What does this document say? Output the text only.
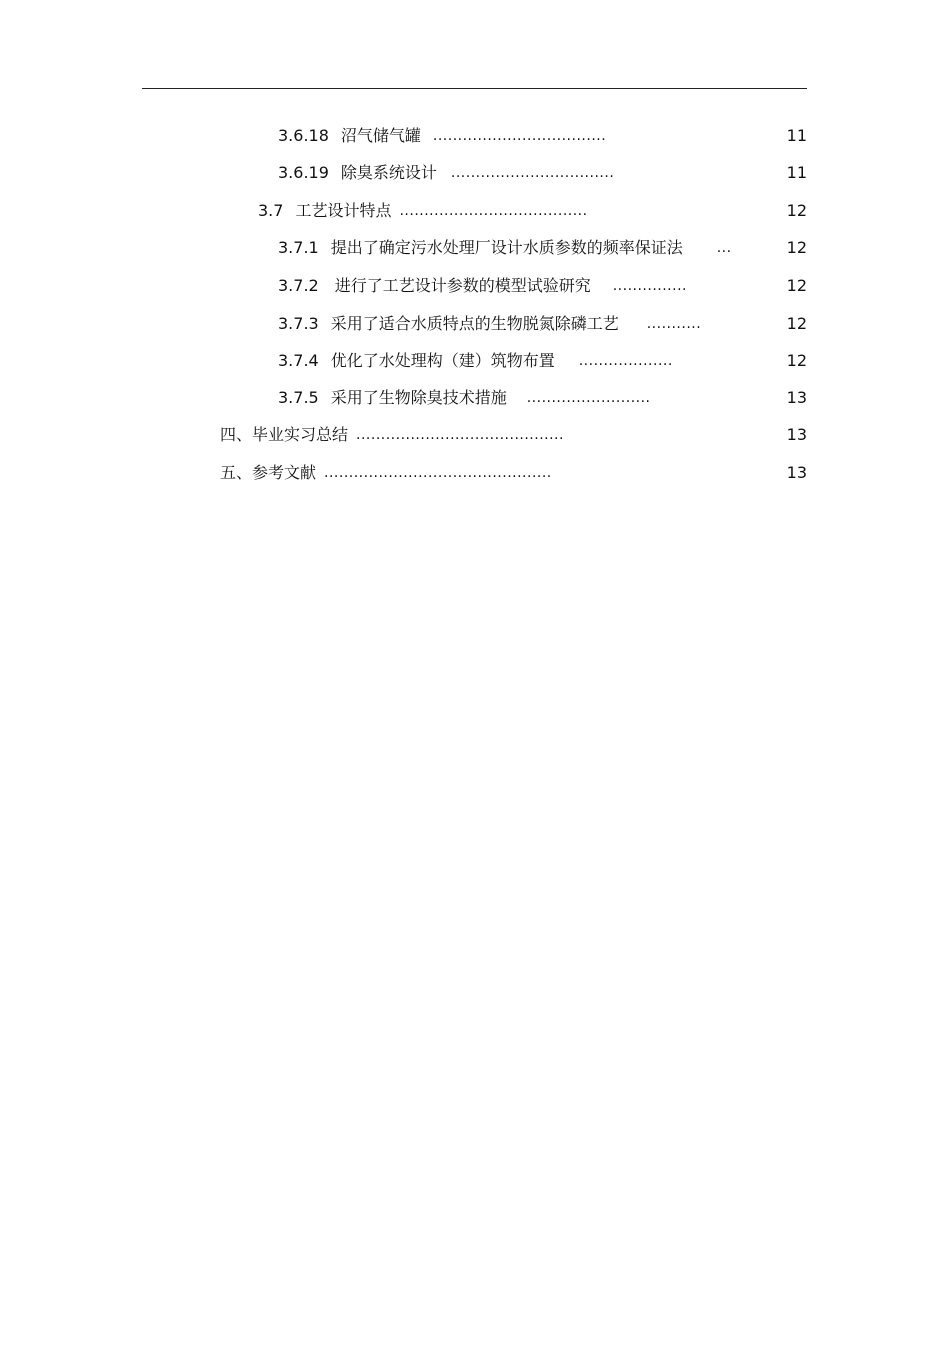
3.6.18 沼气储气罐 ...................................	11
3.6.19 除臭系统设计 .................................	11
3.7 工艺设计特点 ......................................	12
3.7.1 提出了确定污水处理厂设计水质参数的频率保证法 ...	12
3.7.2 进行了工艺设计参数的模型试验研究 ...............	12
3.7.3 采用了适合水质特点的生物脱氮除磷工艺 ...........	12
3.7.4 优化了水处理构（建）筑物布置 ...................	12
3.7.5 采用了生物除臭技术措施 .........................	13
四、 毕业实习总结 ..........................................	13
五、 参考文献 ..............................................	13
